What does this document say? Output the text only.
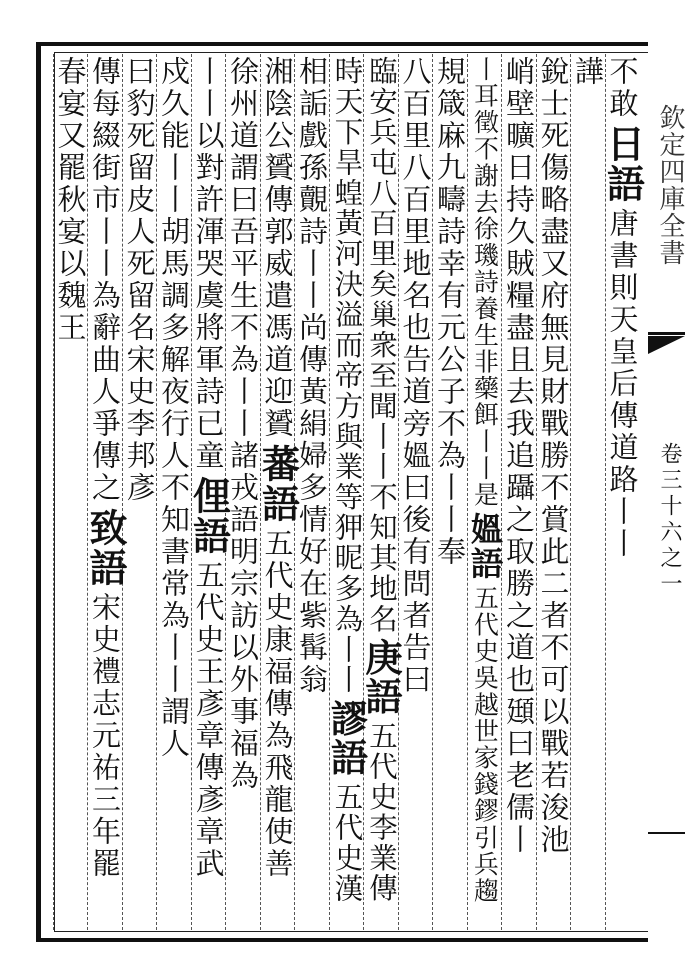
欽定四庫全書
卷三十六之一
不敢
日語
唐書則天皇后傳道路丨丨
譁
銳士死傷略盡又府無見財戰勝不賞此二者不可以戰若浚池
峭壁曠日持久賊糧盡且去我追躡之取勝之道也頲曰老儒丨
丨耳徵不謝去徐璣詩養生非藥餌丨丨是
媼語
五代史吳越世家錢鏐引兵趨
規箴麻九疇詩幸有元公子不為丨丨奉
八百里八百里地名也告道旁媼曰後有問者告曰
臨安兵屯八百里矣巢衆至聞丨丨不知其地名
庚語
五代史李業傳
時天下旱蝗黃河決溢而帝方與業等狎昵多為丨丨
謬語
五代史漢
相詬戲孫覿詩丨丨尚傳黃絹婦多情好在紫髯翁
湘陰公贇傳郭威遣馮道迎贇
蕃語
五代史康福傳為飛龍使善
徐州道謂曰吾平生不為丨丨
諸戎語明宗訪以外事福為
丨丨以對許渾哭虞將軍詩已童
俚語
五代史王彥章傳彥章武
戍久能丨丨胡馬調多解夜行
人不知書常為丨丨謂人
曰豹死留皮人死留名宋史李邦彥
傳每綴街市丨丨為辭曲人爭傳之
致語
宋史禮志元祐三年罷
春宴又罷秋宴以魏王
